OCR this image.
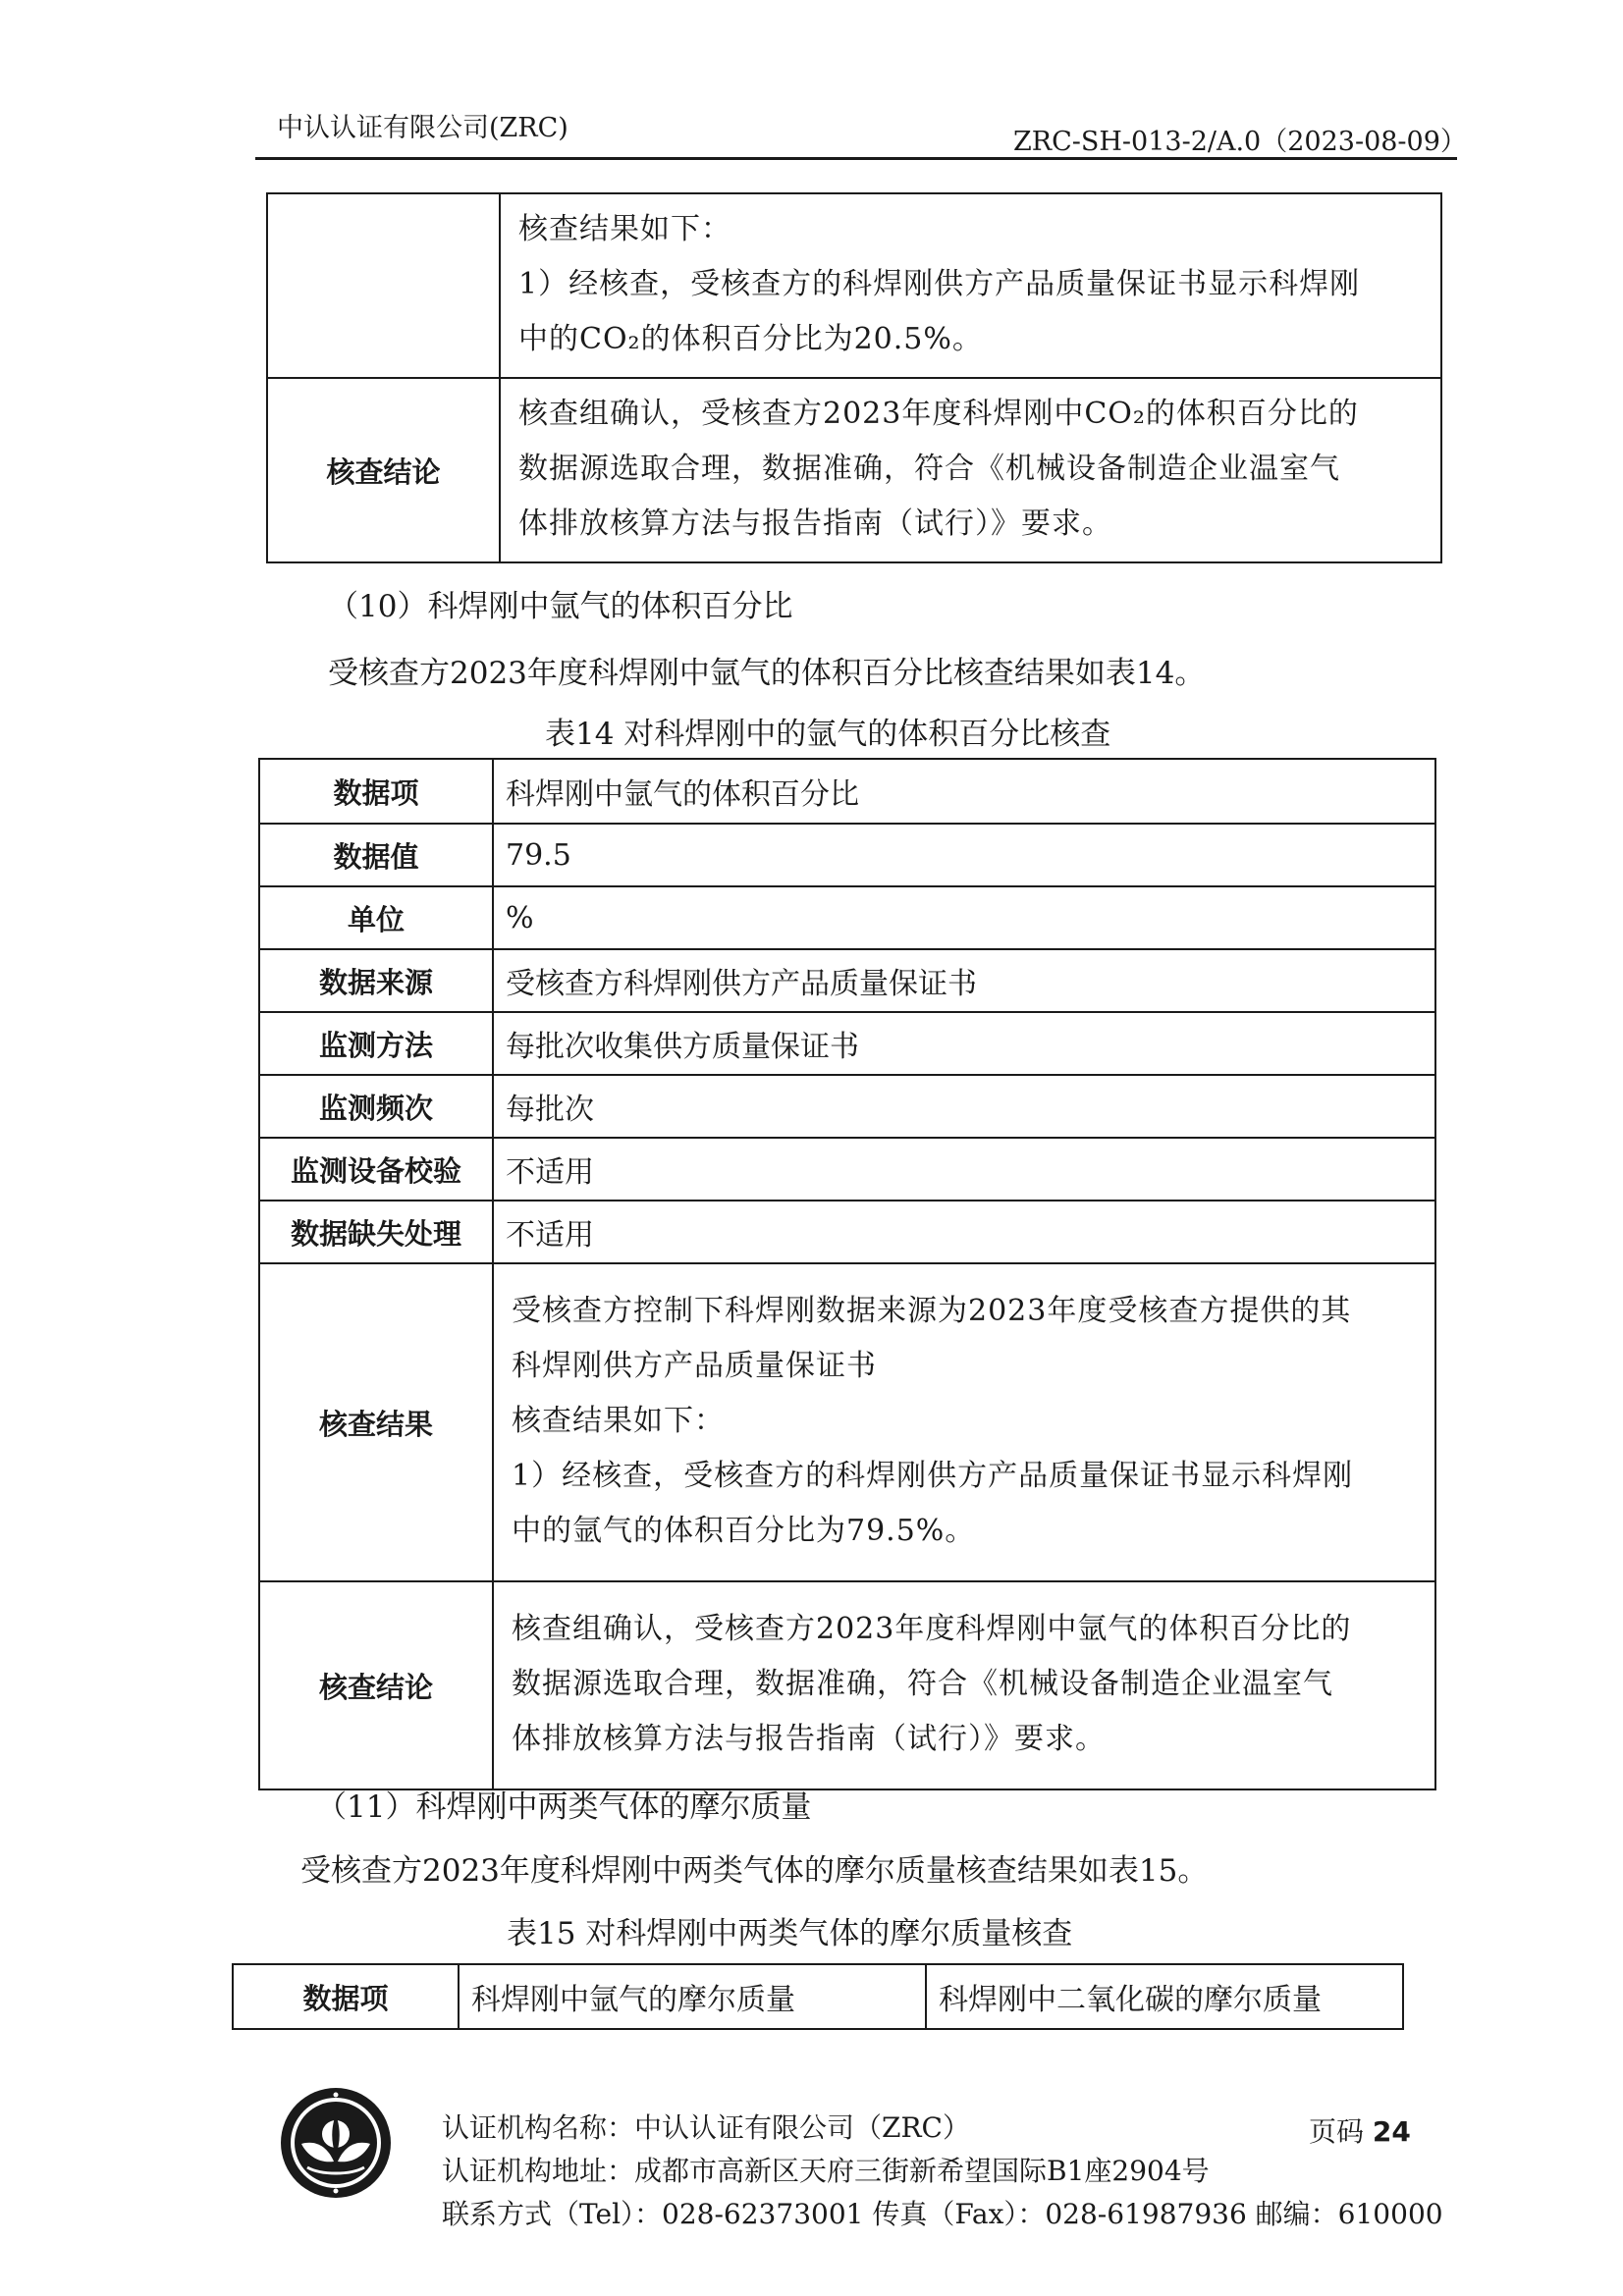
中认认证有限公司(ZRC)	ZRC-SH-013-2/A.0（2023-08-09）

	核查结果如下：

1）经核查，受核查方的科焊刚供方产品质量保证书显示科焊刚

中的CO₂的体积百分比为20.5%。

核查结论	核查组确认，受核查方2023年度科焊刚中CO₂的体积百分比的

数据源选取合理，数据准确，符合《机械设备制造企业温室气

体排放核算方法与报告指南（试行）》要求。

（10）科焊刚中氩气的体积百分比
受核查方2023年度科焊刚中氩气的体积百分比核查结果如表14。
表14 对科焊刚中的氩气的体积百分比核查
数据项	科焊刚中氩气的体积百分比
数据值	79.5
单位	%
数据来源	受核查方科焊刚供方产品质量保证书
监测方法	每批次收集供方质量保证书
监测频次	每批次
监测设备校验	不适用
数据缺失处理	不适用
核查结果	受核查方控制下科焊刚数据来源为2023年度受核查方提供的其

科焊刚供方产品质量保证书

核查结果如下：

1）经核查，受核查方的科焊刚供方产品质量保证书显示科焊刚

中的氩气的体积百分比为79.5%。

核查结论	核查组确认，受核查方2023年度科焊刚中氩气的体积百分比的

数据源选取合理，数据准确，符合《机械设备制造企业温室气

体排放核算方法与报告指南（试行）》要求。

（11）科焊刚中两类气体的摩尔质量
受核查方2023年度科焊刚中两类气体的摩尔质量核查结果如表15。
表15 对科焊刚中两类气体的摩尔质量核查
数据项	科焊刚中氩气的摩尔质量	科焊刚中二氧化碳的摩尔质量
认证机构名称：中认认证有限公司（ZRC）
认证机构地址：成都市高新区天府三街新希望国际B1座2904号
联系方式（Tel）：028-62373001 传真（Fax）：028-61987936 邮编：610000
页码 24
